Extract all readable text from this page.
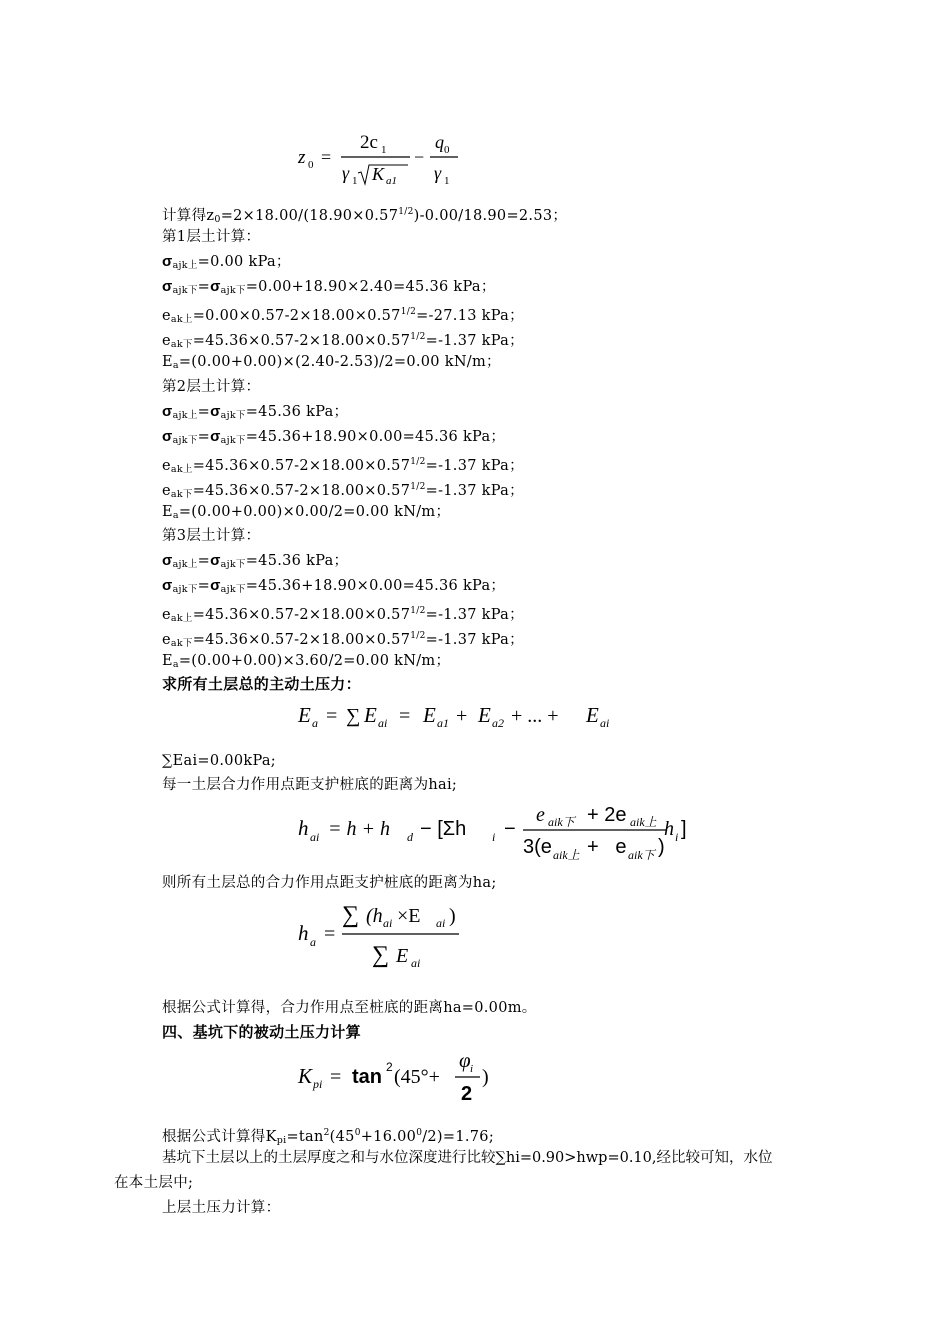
z 0 =
2c 1
γ 1 K a1
−
q 0
γ 1
计算得$z_0=2\times 18.00/(18.90\times 0.57^{1/2})-0.00/18.90=2.53$；
第1层土计算：
$\sigma_{ajk上}=0.00$ kPa；
$\sigma_{ajk下}=\sigma_{ajk下}=0.00+18.90\times 2.40=45.36$ kPa；
$e_{ak上}=0.00\times 0.57-2\times 18.00\times 0.57^{1/2}=-27.13$ kPa；
$e_{ak下}=45.36\times 0.57-2\times 18.00\times 0.57^{1/2}=-1.37$ kPa；
$E_a=(0.00+0.00)\times(2.40-2.53)/2=0.00$ kN/m；
第2层土计算：
$\sigma_{ajk上}=\sigma_{ajk下}=45.36$ kPa；
$\sigma_{ajk下}=\sigma_{ajk下}=45.36+18.90\times 0.00=45.36$ kPa；
$e_{ak上}=45.36\times 0.57-2\times 18.00\times 0.57^{1/2}=-1.37$ kPa；
$e_{ak下}=45.36\times 0.57-2\times 18.00\times 0.57^{1/2}=-1.37$ kPa；
$E_a=(0.00+0.00)\times 0.00/2=0.00$ kN/m；
第3层土计算：
$\sigma_{ajk上}=\sigma_{ajk下}=45.36$ kPa；
$\sigma_{ajk下}=\sigma_{ajk下}=45.36+18.90\times 0.00=45.36$ kPa；
$e_{ak上}=45.36\times 0.57-2\times 18.00\times 0.57^{1/2}=-1.37$ kPa；
$e_{ak下}=45.36\times 0.57-2\times 18.00\times 0.57^{1/2}=-1.37$ kPa；
$E_a=(0.00+0.00)\times 3.60/2=0.00$ kN/m；
求所有土层总的主动土压力：
E a = ∑ E ai = E a1 + E a2 + ... + E ai
∑Eai=0.00kPa;
每一土层合力作用点距支护桩底的距离为hai;
h ai = h + h d − [Σh i −
e aik下 + 2e aik上
3(e aik上 +   e aik下 )
h i ]
则所有土层总的合力作用点距支护桩底的距离为ha;
h a =
∑ (h ai ×E ai )
∑ E ai
根据公式计算得，合力作用点至桩底的距离ha=0.00m。
四、基坑下的被动土压力计算
K pi = tan 2 (45°+
φ i
2
)
根据公式计算得$K_{pi}=\tan^2(45^0+16.00^0/2)=1.76$;
基坑下土层以上的土层厚度之和与水位深度进行比较∑hi=0.90>hwp=0.10,经比较可知，水位
在本土层中;
上层土压力计算：
